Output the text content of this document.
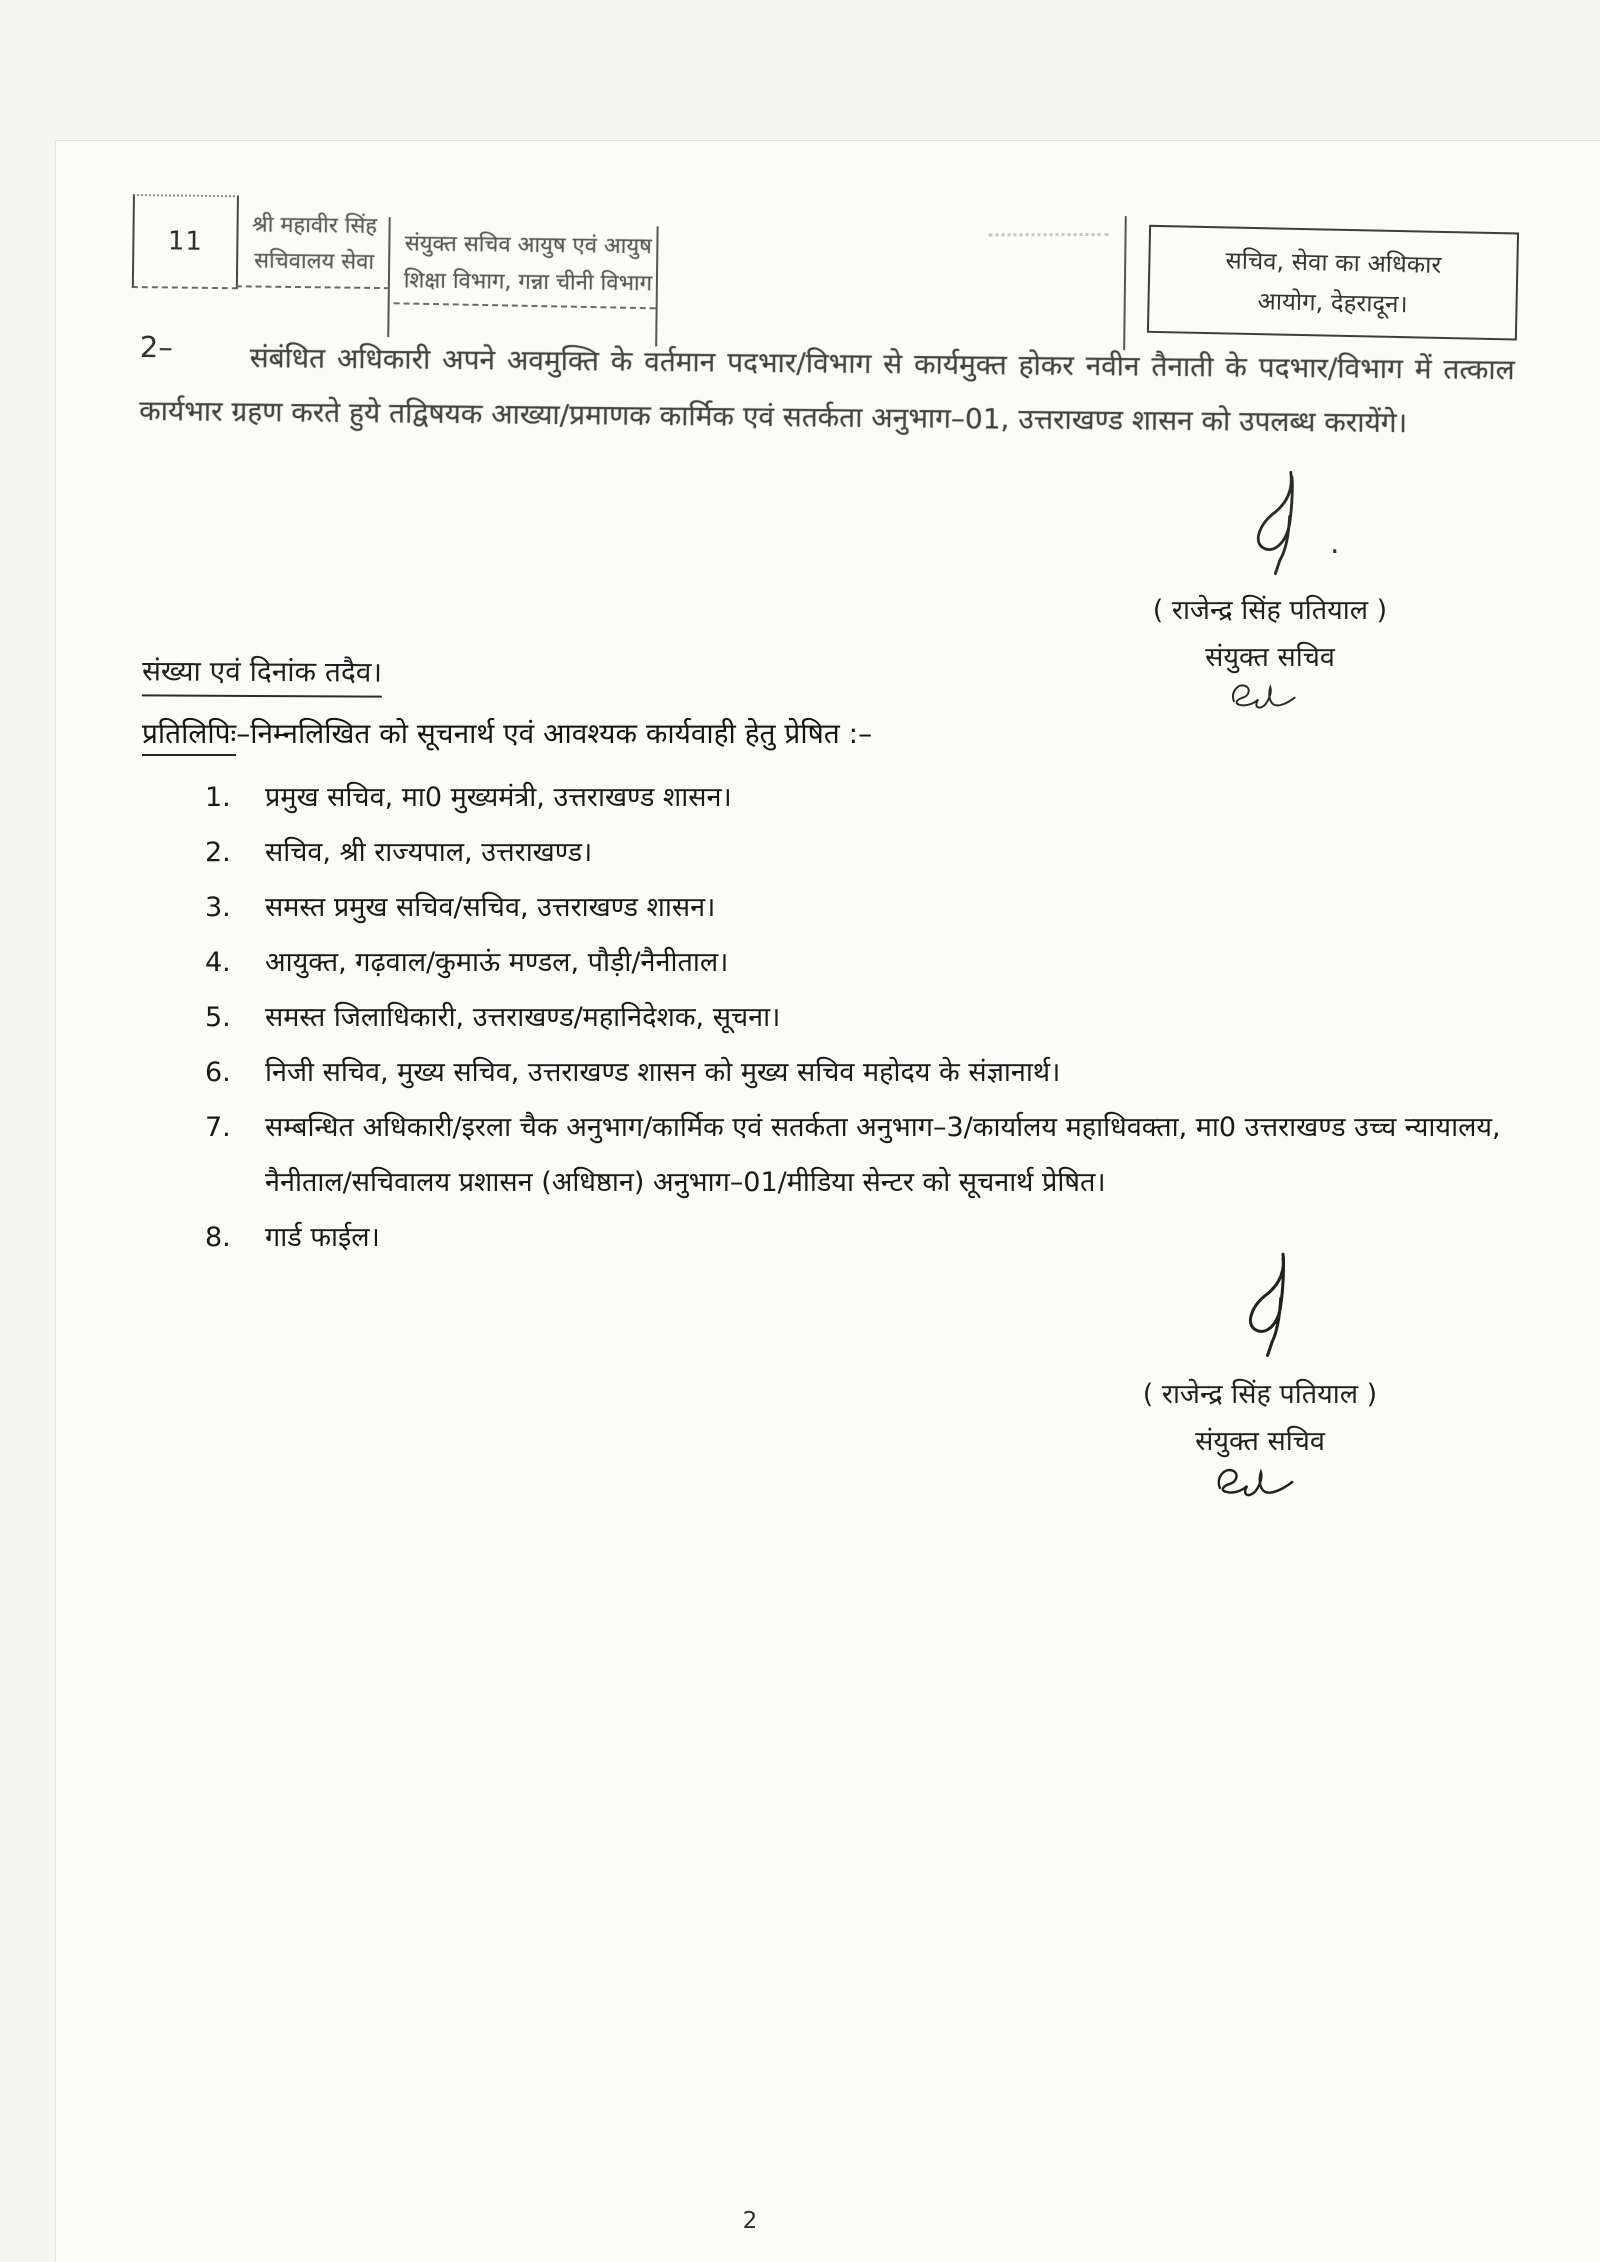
11
श्री महावीर सिंह
सचिवालय सेवा
संयुक्त सचिव आयुष एवं आयुष
शिक्षा विभाग, गन्ना चीनी विभाग
सचिव, सेवा का अधिकार
आयोग, देहरादून।
2–	संबंधित अधिकारी अपने अवमुक्ति के वर्तमान पदभार/विभाग से कार्यमुक्त होकर नवीन तैनाती के पदभार/विभाग में तत्काल कार्यभार ग्रहण करते हुये तद्विषयक आख्या/प्रमाणक कार्मिक एवं सतर्कता अनुभाग–01, उत्तराखण्ड शासन को उपलब्ध करायेंगे।

.
( राजेन्द्र सिंह पतियाल )
संयुक्त सचिव
संख्या एवं दिनांक तदैव।
प्रतिलिपिः–निम्नलिखित को सूचनार्थ एवं आवश्यक कार्यवाही हेतु प्रेषित :–
1.	प्रमुख सचिव, मा0 मुख्यमंत्री, उत्तराखण्ड शासन।
2.	सचिव, श्री राज्यपाल, उत्तराखण्ड।
3.	समस्त प्रमुख सचिव/सचिव, उत्तराखण्ड शासन।
4.	आयुक्त, गढ़वाल/कुमाऊं मण्डल, पौड़ी/नैनीताल।
5.	समस्त जिलाधिकारी, उत्तराखण्ड/महानिदेशक, सूचना।
6.	निजी सचिव, मुख्य सचिव, उत्तराखण्ड शासन को मुख्य सचिव महोदय के संज्ञानार्थ।
7.	सम्बन्धित अधिकारी/इरला चैक अनुभाग/कार्मिक एवं सतर्कता अनुभाग–3/कार्यालय महाधिवक्ता, मा0 उत्तराखण्ड उच्च न्यायालय, नैनीताल/सचिवालय प्रशासन (अधिष्ठान) अनुभाग–01/मीडिया सेन्टर को सूचनार्थ प्रेषित।
8.	गार्ड फाईल।
( राजेन्द्र सिंह पतियाल )
संयुक्त सचिव
2
